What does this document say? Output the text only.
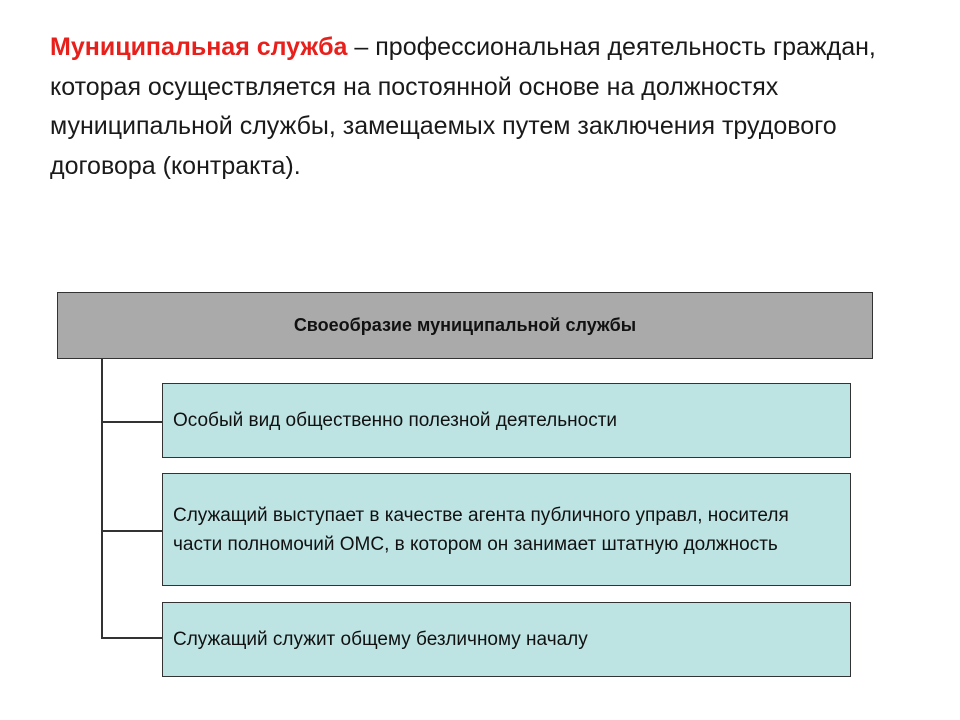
Муниципальная служба – профессиональная деятельность граждан, которая осуществляется на постоянной основе на должностях муниципальной службы, замещаемых путем заключения трудового договора (контракта).
Своеобразие муниципальной службы
Особый вид общественно полезной деятельности
Служащий выступает в качестве агента публичного управл, носителя части полномочий ОМС, в котором он занимает штатную должность
Служащий служит общему безличному началу
